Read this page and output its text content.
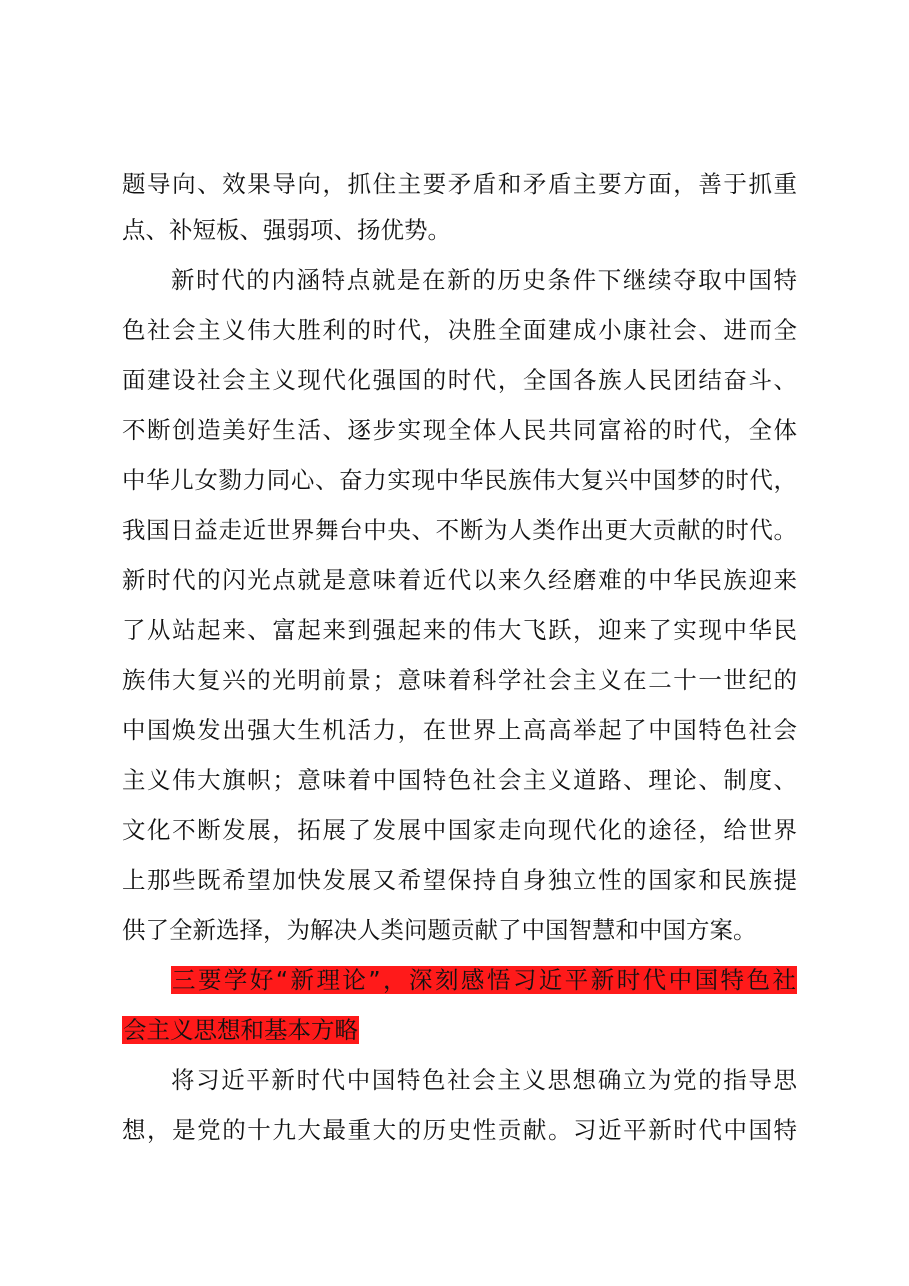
题导向、效果导向，抓住主要矛盾和矛盾主要方面，善于抓重
点、补短板、强弱项、扬优势。
新时代的内涵特点就是在新的历史条件下继续夺取中国特
色社会主义伟大胜利的时代，决胜全面建成小康社会、进而全
面建设社会主义现代化强国的时代，全国各族人民团结奋斗、
不断创造美好生活、逐步实现全体人民共同富裕的时代，全体
中华儿女勠力同心、奋力实现中华民族伟大复兴中国梦的时代，
我国日益走近世界舞台中央、不断为人类作出更大贡献的时代。
新时代的闪光点就是意味着近代以来久经磨难的中华民族迎来
了从站起来、富起来到强起来的伟大飞跃，迎来了实现中华民
族伟大复兴的光明前景；意味着科学社会主义在二十一世纪的
中国焕发出强大生机活力，在世界上高高举起了中国特色社会
主义伟大旗帜；意味着中国特色社会主义道路、理论、制度、
文化不断发展，拓展了发展中国家走向现代化的途径，给世界
上那些既希望加快发展又希望保持自身独立性的国家和民族提
供了全新选择，为解决人类问题贡献了中国智慧和中国方案。
三要学好“新理论”，深刻感悟习近平新时代中国特色社
会主义思想和基本方略
将习近平新时代中国特色社会主义思想确立为党的指导思
想，是党的十九大最重大的历史性贡献。习近平新时代中国特
